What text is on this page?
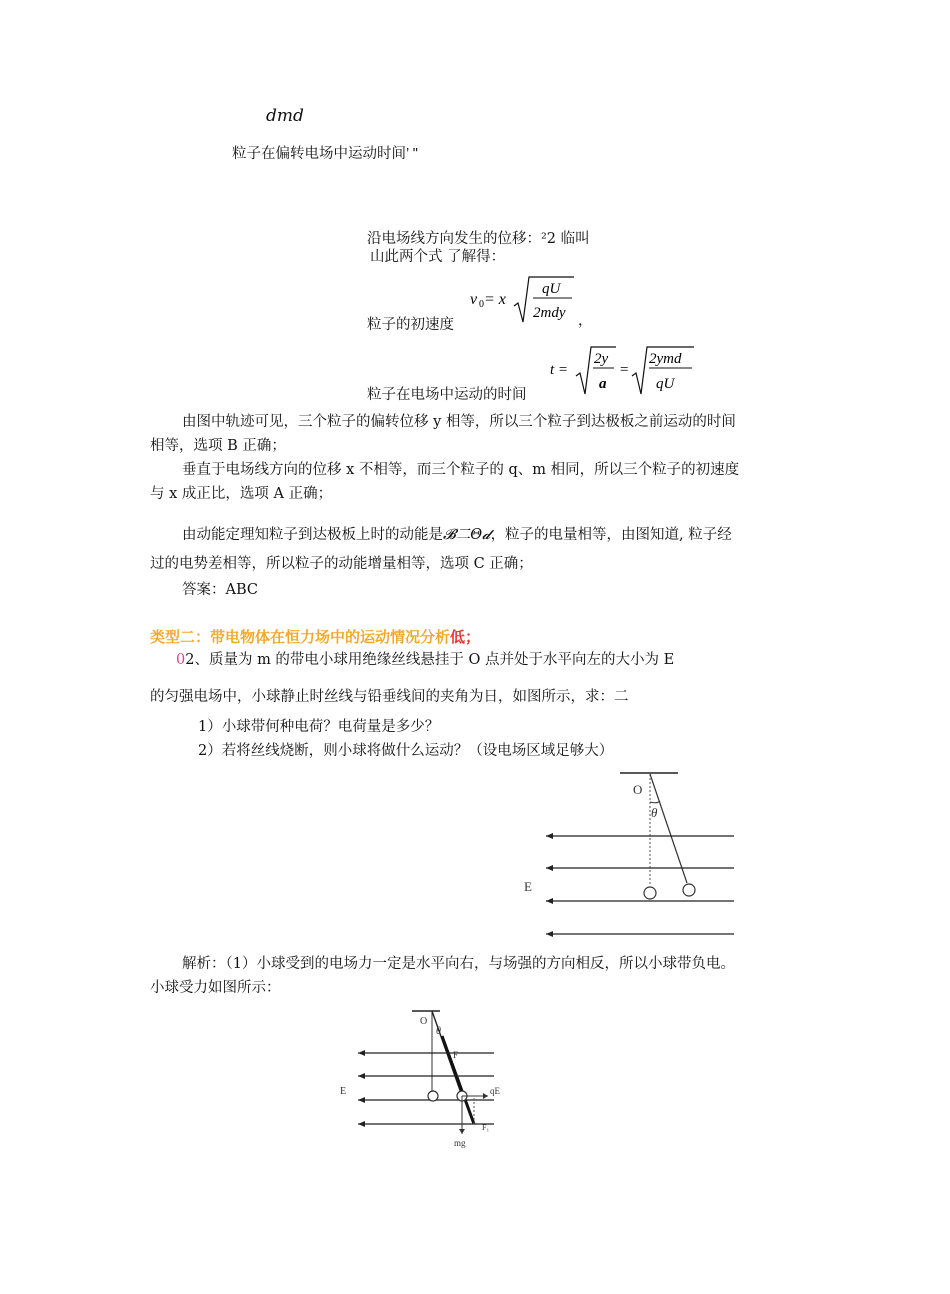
dmd
粒子在偏转电场中运动时间’ "
沿电场线方向发生的位移：²2 临叫
山此两个式 了解得：
粒子的初速度
v 0 = x
qU
2mdy ，
粒子在电场中运动的时间
t =
2y
a
=
2ymd
qU
由图中轨迹可见，三个粒子的偏转位移 y 相等，所以三个粒子到达极板之前运动的时间
相等，选项 B 正确；
垂直于电场线方向的位移 x 不相等，而三个粒子的 q、m 相同，所以三个粒子的初速度
与 x 成正比，选项 A 正确；
由动能定理知粒子到达极板上时的动能是𝓑二Θ𝓭，粒子的电量相等，由图知道, 粒子经
过的电势差相等，所以粒子的动能增量相等，选项 C 正确；
答案：ABC
类型二：带电物体在恒力场中的运动情况分析低；
02、质量为 m 的带电小球用绝缘丝线悬挂于 O 点并处于水平向左的大小为 E
的匀强电场中，小球静止时丝线与铅垂线间的夹角为日，如图所示，求：二
1）小球带何种电荷？电荷量是多少？
2）若将丝线烧断，则小球将做什么运动？（设电场区域足够大）
O
θ
E
解析：（1）小球受到的电场力一定是水平向右，与场强的方向相反，所以小球带负电。
小球受力如图所示：
O
θ
F
E	qE
F₁
mg
